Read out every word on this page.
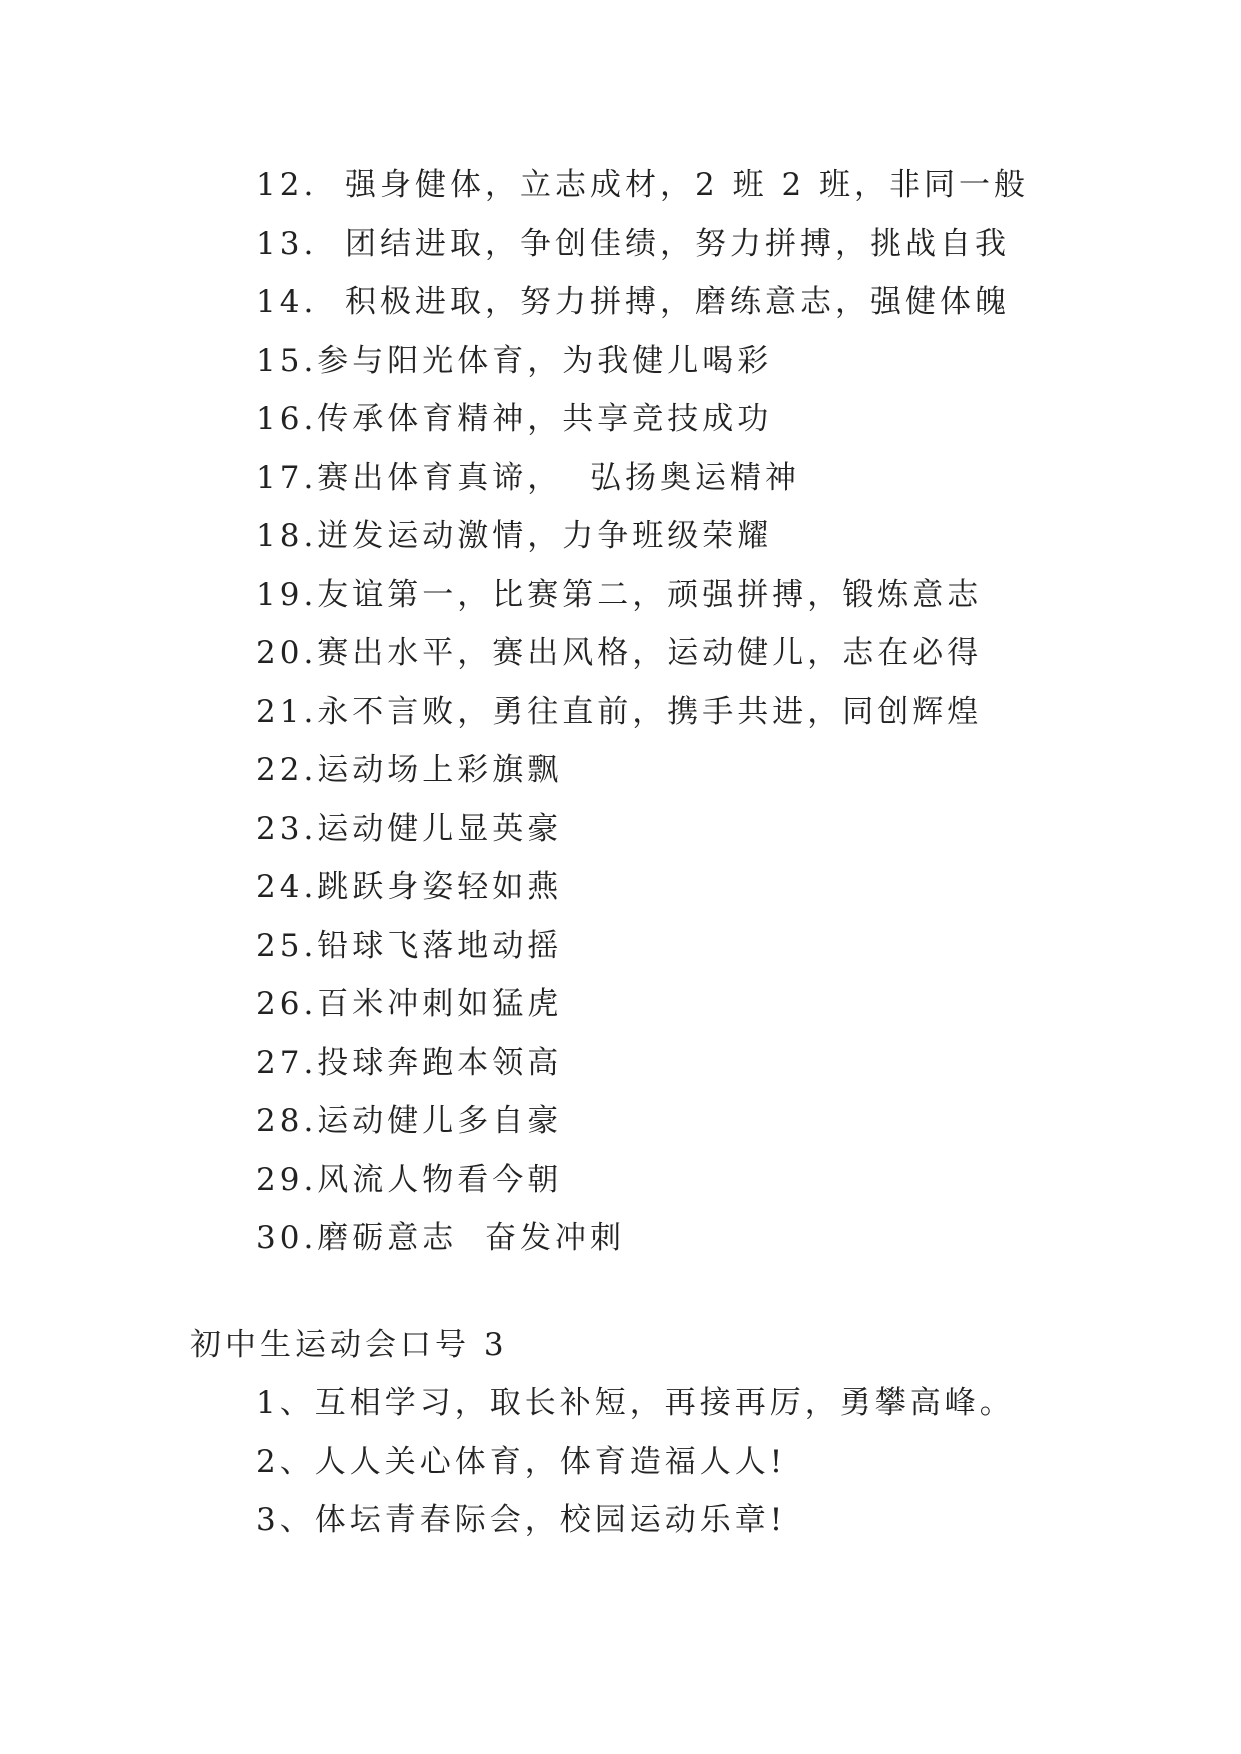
12.  强身健体，立志成材，2 班 2 班，非同一般
13.  团结进取，争创佳绩，努力拼搏，挑战自我
14.  积极进取，努力拼搏，磨练意志，强健体魄
15.参与阳光体育，为我健儿喝彩
16.传承体育精神，共享竞技成功
17.赛出体育真谛，  弘扬奥运精神
18.迸发运动激情，力争班级荣耀
19.友谊第一，比赛第二，顽强拼搏，锻炼意志
20.赛出水平，赛出风格，运动健儿，志在必得
21.永不言败，勇往直前，携手共进，同创辉煌
22.运动场上彩旗飘
23.运动健儿显英豪
24.跳跃身姿轻如燕
25.铅球飞落地动摇
26.百米冲刺如猛虎
27.投球奔跑本领高
28.运动健儿多自豪
29.风流人物看今朝
30.磨砺意志  奋发冲刺
初中生运动会口号 3
1、互相学习，取长补短，再接再厉，勇攀高峰。
2、人人关心体育，体育造福人人!
3、体坛青春际会，校园运动乐章!
